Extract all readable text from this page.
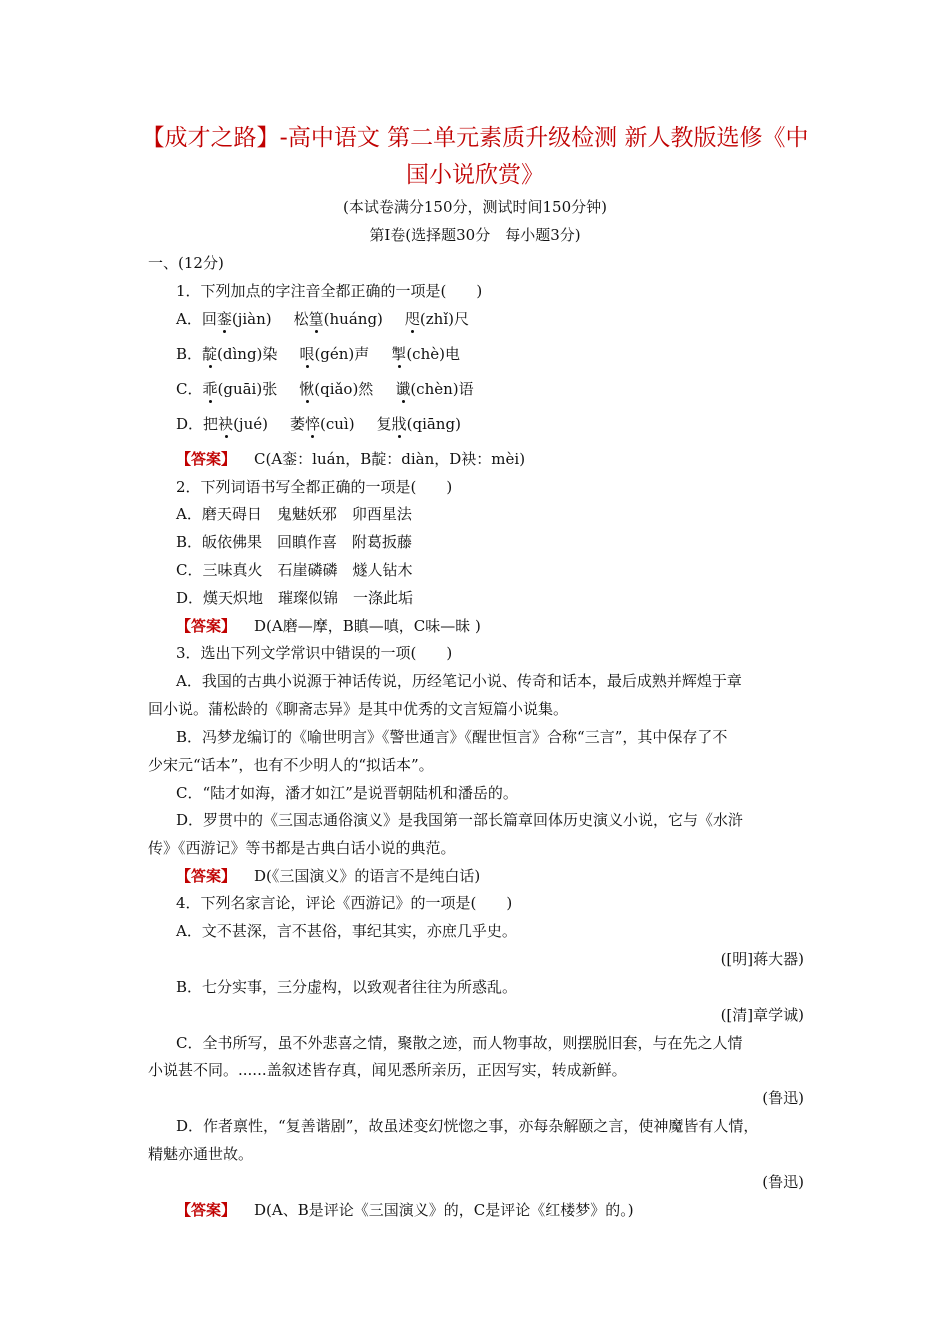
【成才之路】-高中语文 第二单元素质升级检测 新人教版选修《中国小说欣赏》
(本试卷满分150分，测试时间150分钟)
第Ⅰ卷(选择题30分　每小题3分)
一、(12分)
1．下列加点的字注音全都正确的一项是(　　)
A．回銮(jiàn) 松篁(huáng) 咫(zhǐ)尺
B．靛(dìng)染 哏(gén)声 掣(chè)电
C．乖(guāi)张 愀(qiǎo)然 谶(chèn)语
D．把袂(jué) 萎悴(cuì) 复戕(qiāng)
【答案】 C(A銮：luán，B靛：diàn，D袂：mèi)
2．下列词语书写全都正确的一项是(　　)
A．磨天碍日　鬼魅妖邪　卯酉星法
B．皈依佛果　回瞋作喜　附葛扳藤
C．三味真火　石崖磷磷　燧人钻木
D．熯天炽地　璀璨似锦　一涤此垢
【答案】 D(A磨—摩，B瞋—嗔，C味—昧 )
3．选出下列文学常识中错误的一项(　　)
A．我国的古典小说源于神话传说，历经笔记小说、传奇和话本，最后成熟并辉煌于章
回小说。蒲松龄的《聊斋志异》是其中优秀的文言短篇小说集。
B．冯梦龙编订的《喻世明言》《警世通言》《醒世恒言》合称“三言”，其中保存了不
少宋元“话本”，也有不少明人的“拟话本”。
C．“陆才如海，潘才如江”是说晋朝陆机和潘岳的。
D．罗贯中的《三国志通俗演义》是我国第一部长篇章回体历史演义小说，它与《水浒
传》《西游记》等书都是古典白话小说的典范。
【答案】 D(《三国演义》的语言不是纯白话)
4．下列名家言论，评论《西游记》的一项是(　　)
A．文不甚深，言不甚俗，事纪其实，亦庶几乎史。
([明]蒋大器)
B．七分实事，三分虚构，以致观者往往为所惑乱。
([清]章学诚)
C．全书所写，虽不外悲喜之情，聚散之迹，而人物事故，则摆脱旧套，与在先之人情
小说甚不同。......盖叙述皆存真，闻见悉所亲历，正因写实，转成新鲜。
(鲁迅)
D．作者禀性，“复善谐剧”，故虽述变幻恍惚之事，亦每杂解颐之言，使神魔皆有人情，
精魅亦通世故。
(鲁迅)
【答案】 D(A、B是评论《三国演义》的，C是评论《红楼梦》的。)
